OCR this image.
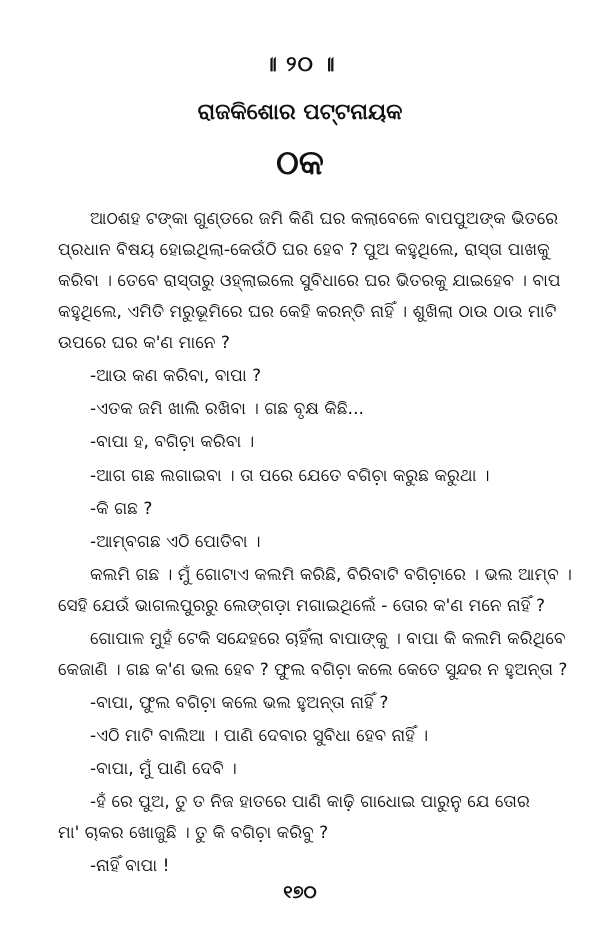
॥ ୨୦ ॥
ରାଜକିଶୋର ପଟ୍ଟନାୟକ
ଠକ
ଆଠଶହ ଟଙ୍କା ଗୁଣ୍ଡରେ ଜମି କିଣି ଘର କଲାବେଳେ ବାପପୁଅଙ୍କ ଭିତରେ
ପ୍ରଧାନ ବିଷୟ ହୋଇଥିଲା-କେଉଁଠି ଘର ହେବ ? ପୁଅ କହୁଥିଲେ, ରାସ୍ତା ପାଖକୁ
କରିବା । ତେବେ ରାସ୍ତାରୁ ଓହ୍ଲାଇଲେ ସୁବିଧାରେ ଘର ଭିତରକୁ ଯାଇହେବ । ବାପ
କହୁଥିଲେ, ଏମିତି ମରୁଭୂମିରେ ଘର କେହି କରନ୍ତି ନାହିଁ । ଶୁଖିଲା ଠାଉ ଠାଉ ମାଟି
ଉପରେ ଘର କ'ଣ ମାନେ ?
-ଆଉ କଣ କରିବା, ବାପା ?
-ଏତକ ଜମି ଖାଲି ରଖିବା । ଗଛ ବୃକ୍ଷ କିଛି...
-ବାପା ହ, ବଗିଚ଼ା କରିବା ।
-ଆଗ ଗଛ ଲଗାଇବା । ତା ପରେ ଯେତେ ବଗିଚ଼ା କରୁଛ କରୁଥା ।
-କି ଗଛ ?
-ଆମ୍ବଗଛ ଏଠି ପୋତିବା ।
କଲମି ଗଛ । ମୁଁ ଗୋଟାଏ କଲମି କରିଛି, ବିରିବାଟି ବଗିଚ଼ାରେ । ଭଲ ଆମ୍ବ ।
ସେହି ଯେଉଁ ଭାଗଲପୁରରୁ ଲେଙ୍ଗଡ଼ା ମଗାଇଥିଲେଁ - ତୋର କ'ଣ ମନେ ନାହିଁ ?
ଗୋପାଳ ମୁହଁ ଟେକି ସନ୍ଦେହରେ ଚାହିଁଲା ବାପାଙ୍କୁ । ବାପା କି କଲମି କରିଥିବେ
କେଜାଣି । ଗଛ କ'ଣ ଭଲ ହେବ ? ଫୁଲ ବଗିଚ଼ା କଲେ କେତେ ସୁନ୍ଦର ନ ହୁଅନ୍ତା ?
-ବାପା, ଫୁଲ ବଗିଚ଼ା କଲେ ଭଲ ହୁଅନ୍ତା ନାହିଁ ?
-ଏଠି ମାଟି ବାଲିଆ । ପାଣି ଦେବାର ସୁବିଧା ହେବ ନାହିଁ ।
-ବାପା, ମୁଁ ପାଣି ଦେବି ।
-ହଁ ରେ ପୁଅ, ତୁ ତ ନିଜ ହାତରେ ପାଣି କାଢ଼ି ଗାଧୋଇ ପାରୁନୁ ଯେ ତୋର
ମା' ଚାକର ଖୋଜୁଛି । ତୁ କି ବଗିଚ଼ା କରିବୁ ?
-ନାହିଁ ବାପା !
୧୭୦
